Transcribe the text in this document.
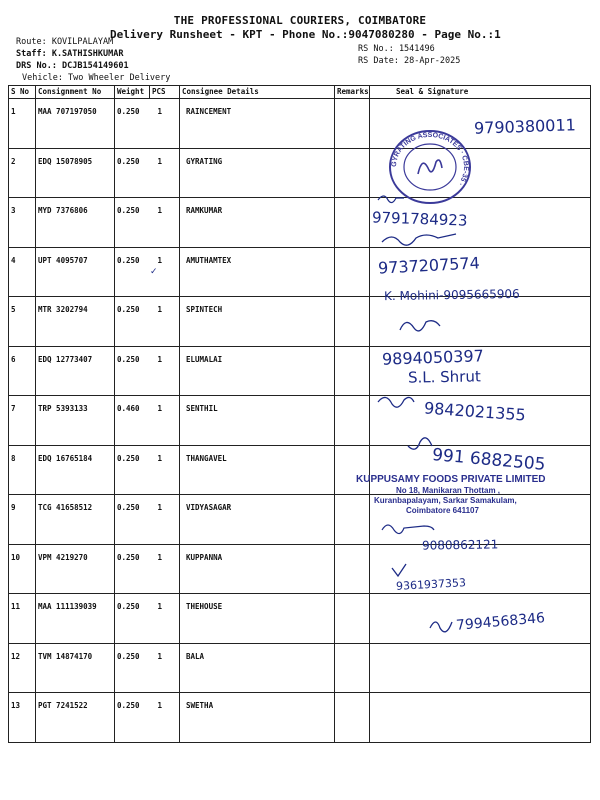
THE PROFESSIONAL COURIERS, COIMBATORE
Delivery Runsheet - KPT - Phone No.:9047080280 - Page No.:1
Route: KOVILPALAYAM
Staff: K.SATHISHKUMAR
DRS No.: DCJB154149601
Vehicle: Two Wheeler Delivery
RS No.: 1541496
RS Date: 28-Apr-2025
S No	Consignment No	Weight	PCS	Consignee Details	Remarks	Seal & Signature
1	MAA 707197050	0.250	1	RAINCEMENT		
2	EDQ 15078905	0.250	1	GYRATING		
3	MYD 7376806	0.250	1	RAMKUMAR		
4	UPT 4095707	0.250	1	AMUTHAMTEX		
5	MTR 3202794	0.250	1	SPINTECH		
6	EDQ 12773407	0.250	1	ELUMALAI		
7	TRP 5393133	0.460	1	SENTHIL		
8	EDQ 16765184	0.250	1	THANGAVEL		
9	TCG 41658512	0.250	1	VIDYASAGAR		
10	VPM 4219270	0.250	1	KUPPANNA		
11	MAA 111139039	0.250	1	THEHOUSE		
12	TVM 14874170	0.250	1	BALA		
13	PGT 7241522	0.250	1	SWETHA		
9790380011
9791784923
9737207574
K. Mohini-9095665906
9894050397
S.L. Shrut
9842021355
991 6882505
9080862121
9361937353
7994568346
GYRATING ASSOCIATES · CBE-35 ·
KUPPUSAMY FOODS PRIVATE LIMITED
No 18, Manikaran Thottam ,
Kuranbapalayam, Sarkar Samakulam,
Coimbatore 641107
✓
